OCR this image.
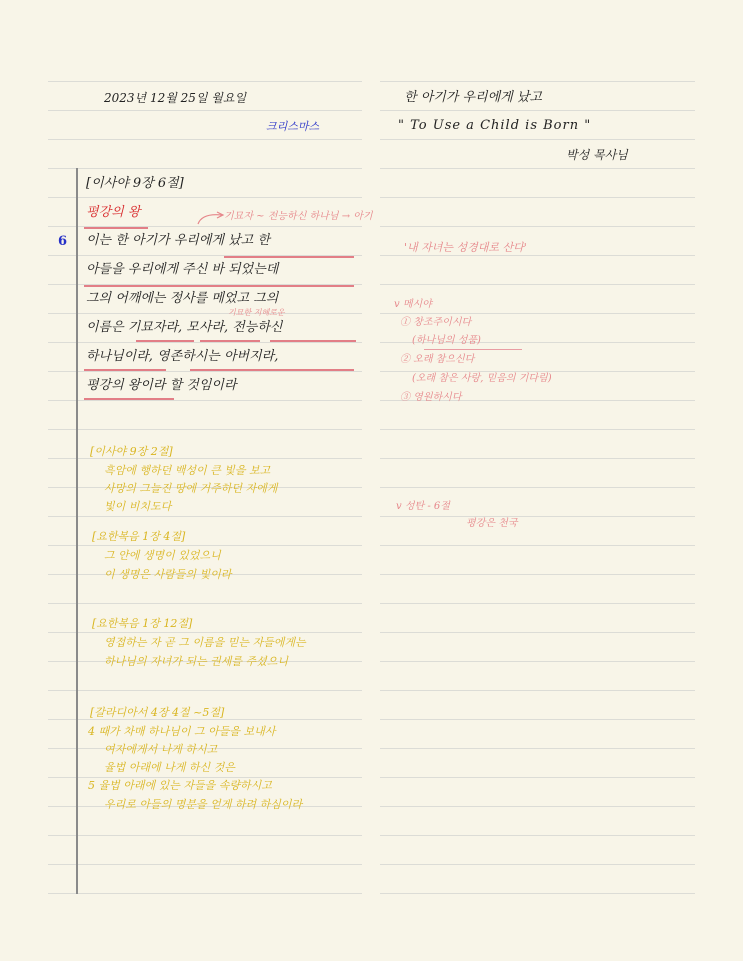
2023년 12월 25일 월요일
크리스마스
한 아기가 우리에게 났고
" To Use a Child is Born "
박성 목사님
[이사야 9장 6절]
평강의 왕	기묘자 ~ 전능하신 하나님 → 아기
6 이는 한 아기가 우리에게 났고 한
아들을 우리에게 주신 바 되었는데
그의 어깨에는 정사를 메었고 그의
기묘한 지혜로운
이름은 기묘자라, 모사라, 전능하신
하나님이라, 영존하시는 아버지라,
평강의 왕이라 할 것임이라
'내 자녀는 성경대로 산다'
v 메시야
① 창조주이시다
(하나님의 성품)
② 오래 참으신다
(오래 참은 사랑, 믿음의 기다림)
③ 영원하시다
v 성탄 - 6절
평강은 천국
[이사야 9장 2절]
흑암에 행하던 백성이 큰 빛을 보고
사망의 그늘진 땅에 거주하던 자에게
빛이 비치도다
[요한복음 1장 4절]
그 안에 생명이 있었으니
이 생명은 사람들의 빛이라
[요한복음 1장 12절]
영접하는 자 곧 그 이름을 믿는 자들에게는
하나님의 자녀가 되는 권세를 주셨으니
[갈라디아서 4장 4절 ~5절]
4 때가 차매 하나님이 그 아들을 보내사
여자에게서 나게 하시고
율법 아래에 나게 하신 것은
5 율법 아래에 있는 자들을 속량하시고
우리로 아들의 명분을 얻게 하려 하심이라
